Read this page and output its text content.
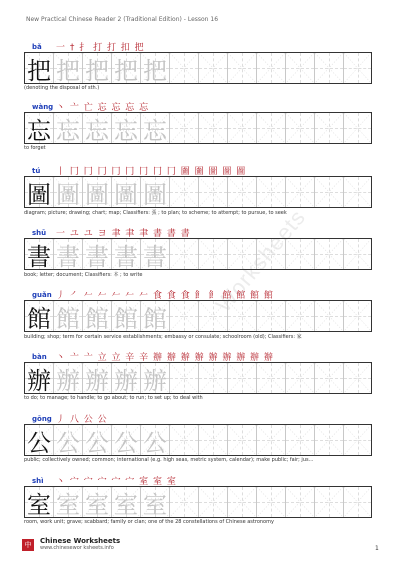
New Practical Chinese Reader 2 (Traditional Edition) - Lesson 16
Worksheets
bǎ 一 † 扌 打 打 扣 把
把 把 把 把 把
(denoting the disposal of sth.)
wàng 丶 亠 亡 忘 忘 忘 忘
忘 忘 忘 忘 忘
to forget
tú 丨 冂 冂 冂 冂 冂 冂 冂 冂 圗 圗 圖 圖 圖
圖 圖 圖 圖 圖
diagram; picture; drawing; chart; map; Classifiers: 張 ; to plan; to scheme; to attempt; to pursue, to seek
shū 一 ユ ユ ヨ 聿 聿 聿 書 書 書
書 書 書 書 書
book; letter; document; Classifiers: 本 ; to write
guǎn 丿 ㇒ 𠂉 𠂉 𠂉 𠂉 𠂉 食 食 食 飠 飠 館 館 館 館
館 館 館 館 館
building; shop; term for certain service establishments; embassy or consulate; schoolroom (old); Classifiers: 家
bàn 丶 亠 亠 立 立 辛 辛 辦 辦 辦 辦 辦 辦 辦 辦 辦
辦 辦 辦 辦 辦
to do; to manage; to handle; to go about; to run; to set up; to deal with
gōng 丿 八 公 公
公 公 公 公 公
public; collectively owned; common; international (e.g. high seas, metric system, calendar); make public; fair; jus...
shì 丶 宀 宀 宀 宀 宀 室 室 室
室 室 室 室 室
room, work unit; grave; scabbard; family or clan; one of the 28 constellations of Chinese astronomy
中	Chinese Worksheets
www.chinesewor ksheets.info	1
